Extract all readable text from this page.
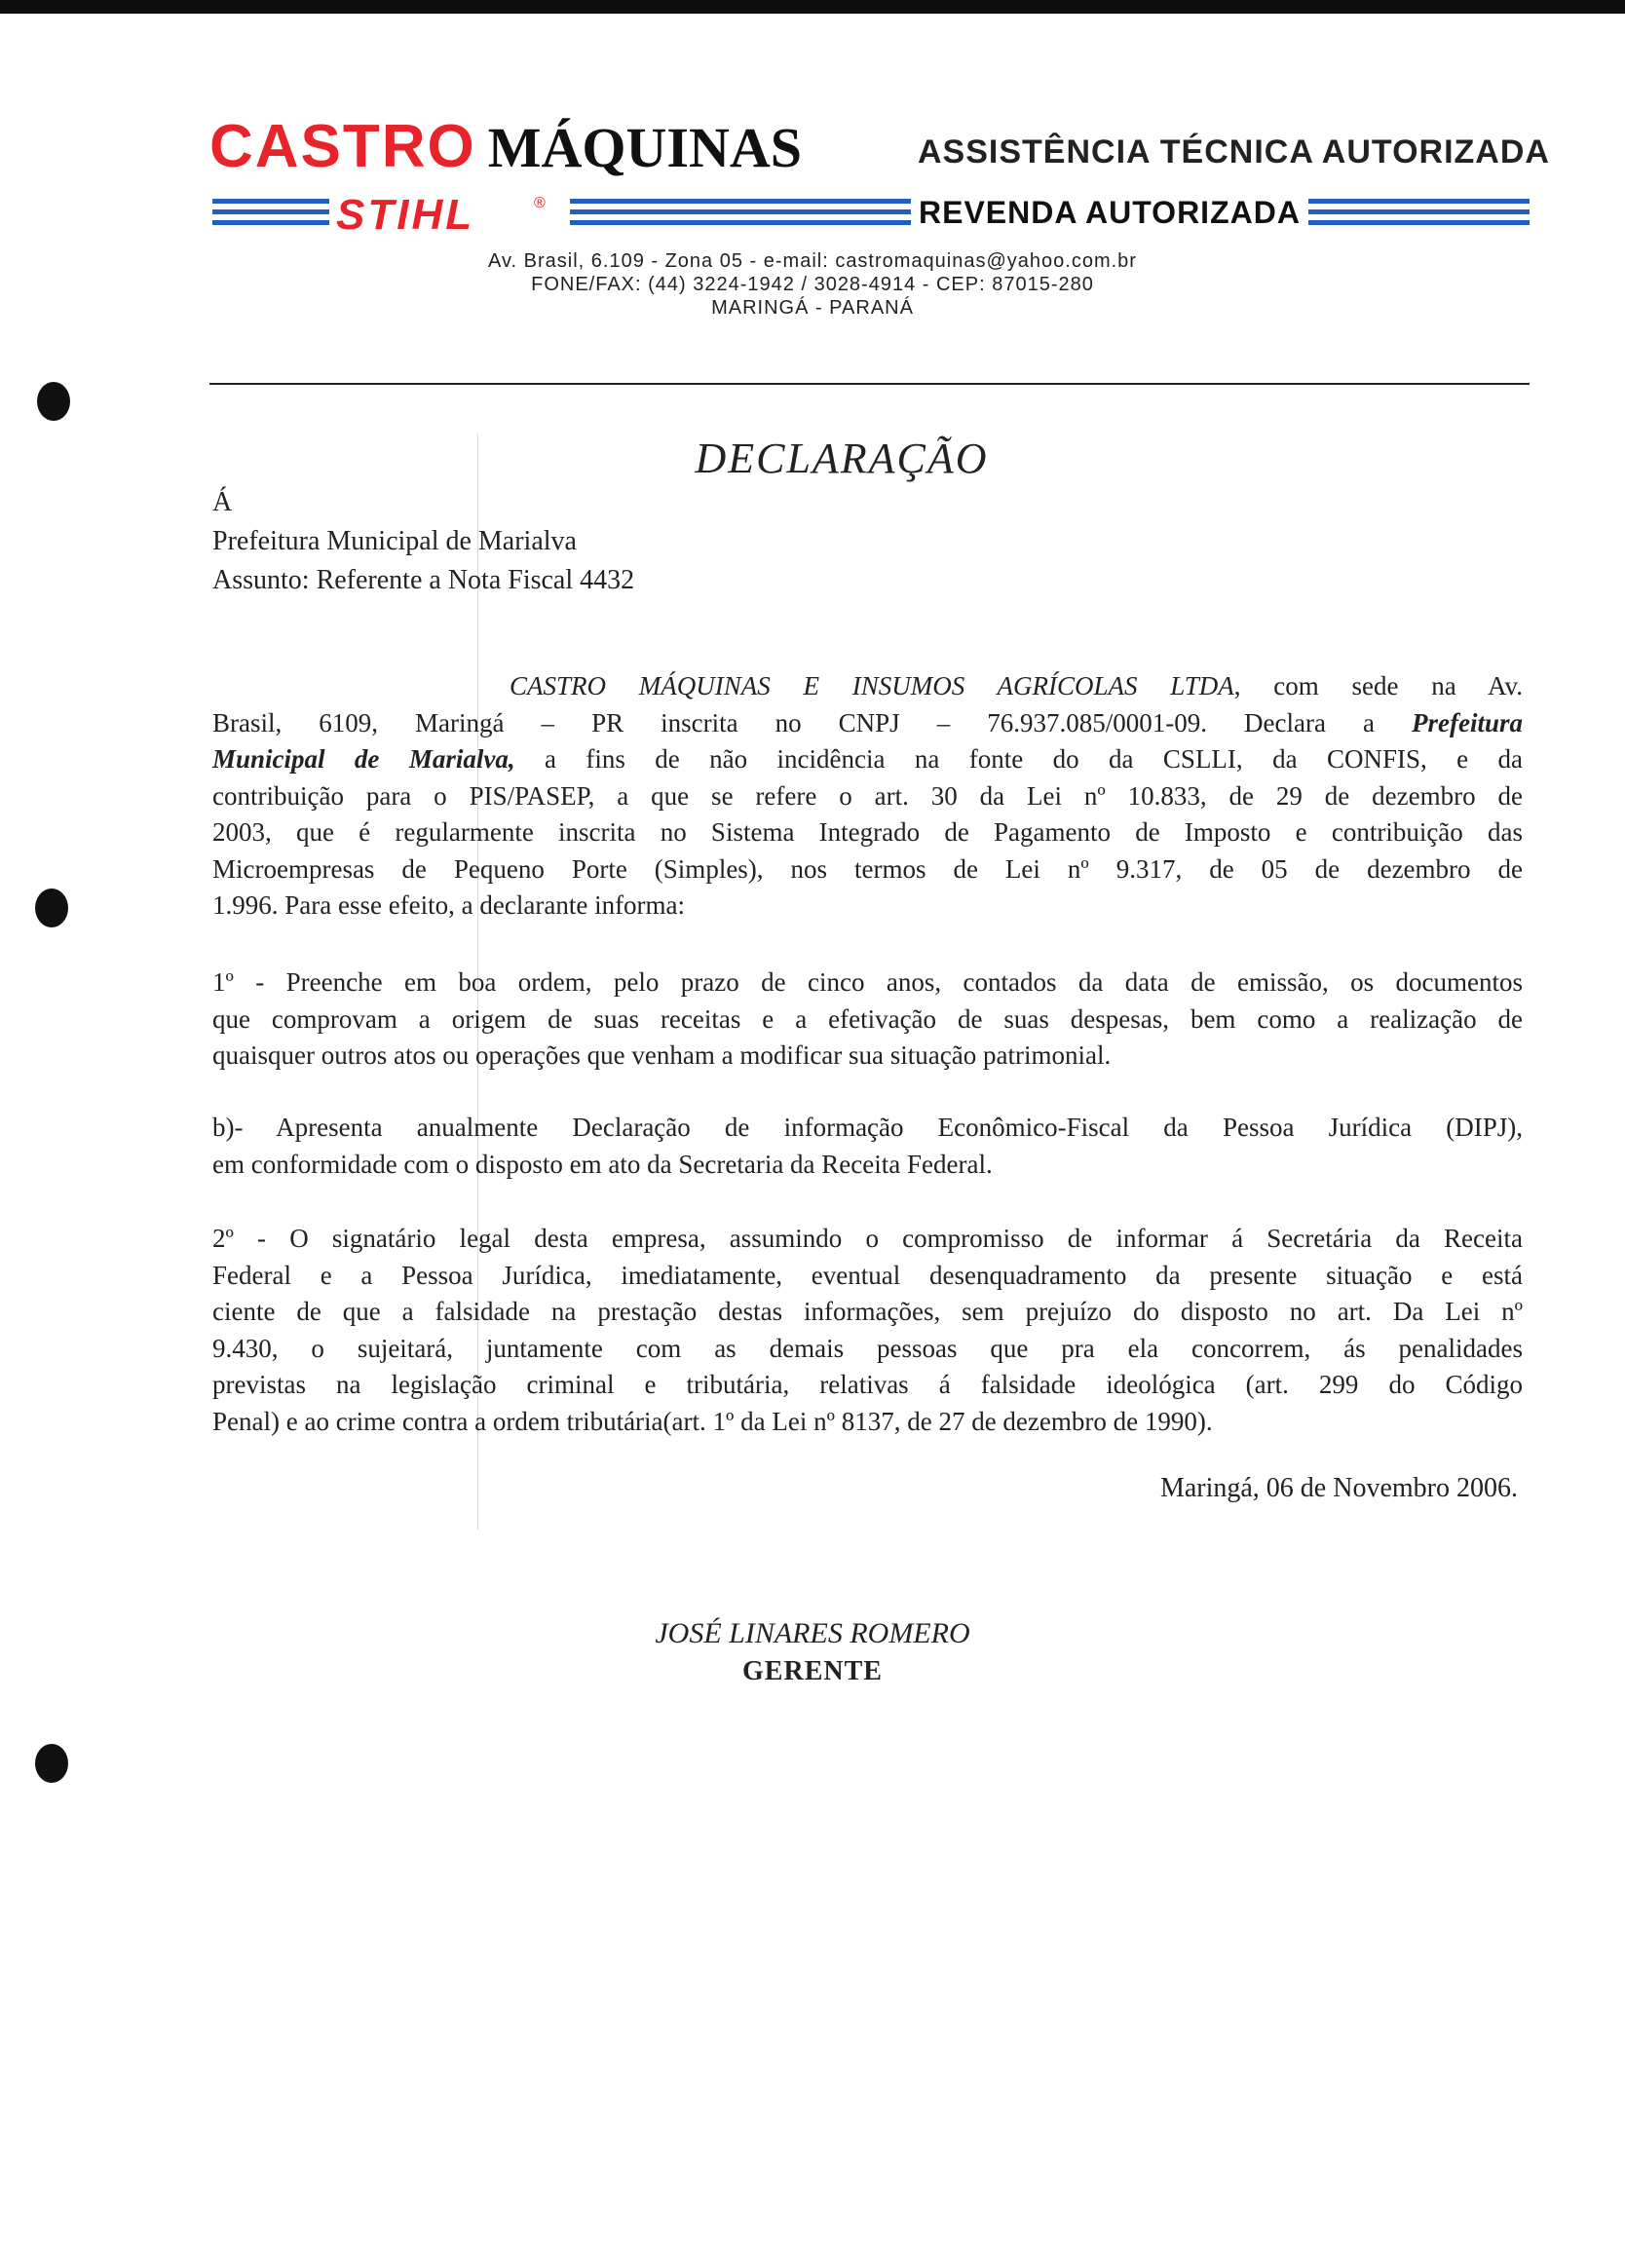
CASTRO MÁQUINAS	ASSISTÊNCIA TÉCNICA AUTORIZADA
STIHL	®	REVENDA AUTORIZADA
Av. Brasil, 6.109 - Zona 05 - e-mail: castromaquinas@yahoo.com.br
FONE/FAX: (44) 3224-1942 / 3028-4914 - CEP: 87015-280
MARINGÁ - PARANÁ
DECLARAÇÃO
Á
Prefeitura Municipal de Marialva
Assunto: Referente a Nota Fiscal 4432
CASTRO MÁQUINAS E INSUMOS AGRÍCOLAS LTDA, com sede na Av.
Brasil, 6109, Maringá – PR inscrita no CNPJ – 76.937.085/0001-09. Declara a Prefeitura
Municipal de Marialva, a fins de não incidência na fonte do da CSLLI, da CONFIS, e da
contribuição para o PIS/PASEP, a que se refere o art. 30 da Lei nº 10.833, de 29 de dezembro de
2003, que é regularmente inscrita no Sistema Integrado de Pagamento de Imposto e contribuição das
Microempresas de Pequeno Porte (Simples), nos termos de Lei nº 9.317, de 05 de dezembro de
1.996. Para esse efeito, a declarante informa:
1º - Preenche em boa ordem, pelo prazo de cinco anos, contados da data de emissão, os documentos
que comprovam a origem de suas receitas e a efetivação de suas despesas, bem como a realização de
quaisquer outros atos ou operações que venham a modificar sua situação patrimonial.
b)- Apresenta anualmente Declaração de informação Econômico-Fiscal da Pessoa Jurídica (DIPJ),
em conformidade com o disposto em ato da Secretaria da Receita Federal.
2º - O signatário legal desta empresa, assumindo o compromisso de informar á Secretária da Receita
Federal e a Pessoa Jurídica, imediatamente, eventual desenquadramento da presente situação e está
ciente de que a falsidade na prestação destas informações, sem prejuízo do disposto no art. Da Lei nº
9.430, o sujeitará, juntamente com as demais pessoas que pra ela concorrem, ás penalidades
previstas na legislação criminal e tributária, relativas á falsidade ideológica (art. 299 do Código
Penal) e ao crime contra a ordem tributária(art. 1º da Lei nº 8137, de 27 de dezembro de 1990).
Maringá, 06 de Novembro 2006.
JOSÉ LINARES ROMERO
GERENTE
